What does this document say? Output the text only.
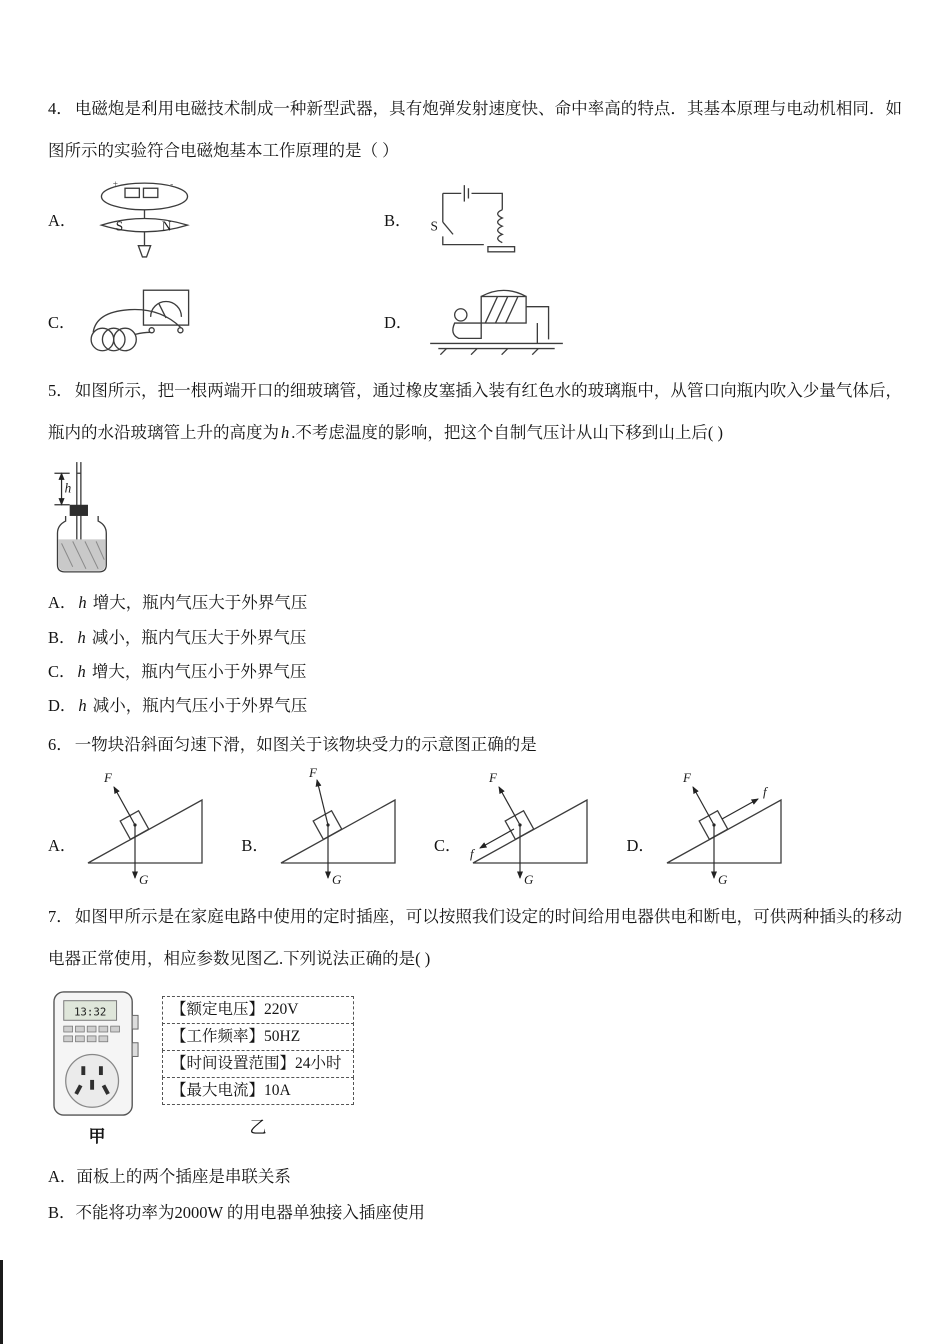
4． 电磁炮是利用电磁技术制成一种新型武器，具有炮弹发射速度快、命中率高的特点．其基本原理与电动机相同．如图所示的实验符合电磁炮基本工作原理的是（ ）

A．
+	-
S	N	B． S
C．	D．

5． 如图所示，把一根两端开口的细玻璃管，通过橡皮塞插入装有红色水的玻璃瓶中，从管口向瓶内吹入少量气体后，瓶内的水沿玻璃管上升的高度为 h .不考虑温度的影响，把这个自制气压计从山下移到山上后( )

h
A． h 增大，瓶内气压大于外界气压
B． h 减小，瓶内气压大于外界气压
C． h 增大，瓶内气压小于外界气压
D． h 减小，瓶内气压小于外界气压

6． 一物块沿斜面匀速下滑，如图关于该物块受力的示意图正确的是

A．
F
G
B．
F
G
C．
F
f
G
D．
F
f
G

7． 如图甲所示是在家庭电路中使用的定时插座，可以按照我们设定的时间给用电器供电和断电，可供两种插头的移动电器正常使用，相应参数见图乙.下列说法正确的是( )

13:32
甲
【额定电压】220V
【工作频率】50HZ
【时间设置范围】24小时
【最大电流】10A
乙
A．面板上的两个插座是串联关系
B．不能将功率为2000W 的用电器单独接入插座使用
